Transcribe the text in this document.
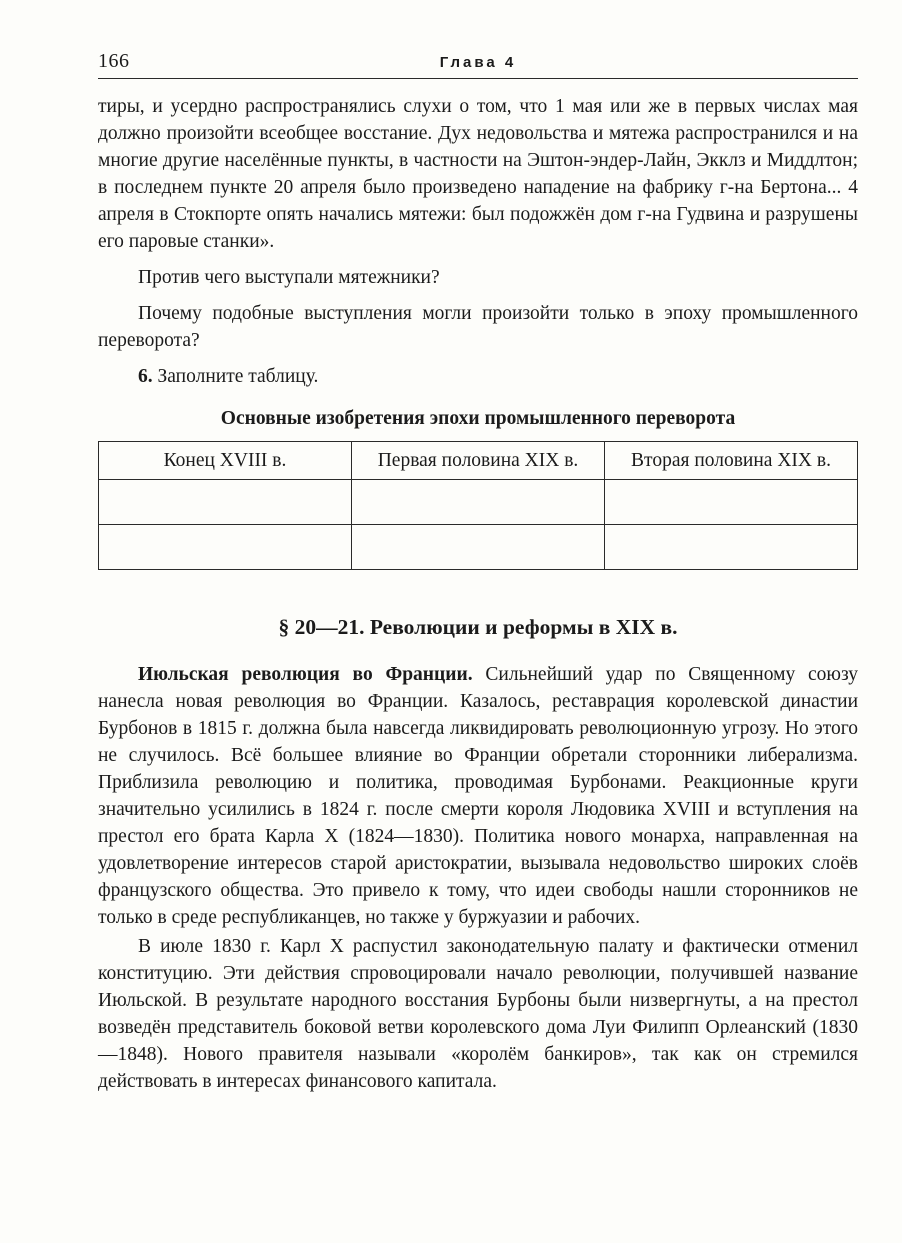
166	Глава 4

тиры, и усердно распространялись слухи о том, что 1 мая или же в первых числах мая должно произойти всеобщее восстание. Дух недовольства и мятежа распространился и на многие другие населённые пункты, в частности на Эштон-эндер-Лайн, Экклз и Миддлтон; в последнем пункте 20 апреля было произведено нападение на фабрику г-на Бертона... 4 апреля в Стокпорте опять начались мятежи: был подожжён дом г-на Гудвина и разрушены его паровые станки».

Против чего выступали мятежники?

Почему подобные выступления могли произойти только в эпоху промышленного переворота?

6. Заполните таблицу.

Основные изобретения эпохи промышленного переворота
Конец XVIII в.	Первая половина XIX в.	Вторая половина XIX в.

§ 20—21. Революции и реформы в XIX в.

Июльская революция во Франции. Сильнейший удар по Священному союзу нанесла новая революция во Франции. Казалось, реставрация королевской династии Бурбонов в 1815 г. должна была навсегда ликвидировать революционную угрозу. Но этого не случилось. Всё большее влияние во Франции обретали сторонники либерализма. Приблизила революцию и политика, проводимая Бурбонами. Реакционные круги значительно усилились в 1824 г. после смерти короля Людовика XVIII и вступления на престол его брата Карла X (1824—1830). Политика нового монарха, направленная на удовлетворение интересов старой аристократии, вызывала недовольство широких слоёв французского общества. Это привело к тому, что идеи свободы нашли сторонников не только в среде республиканцев, но также у буржуазии и рабочих.

В июле 1830 г. Карл X распустил законодательную палату и фактически отменил конституцию. Эти действия спровоцировали начало революции, получившей название Июльской. В результате народного восстания Бурбоны были низвергнуты, а на престол возведён представитель боковой ветви королевского дома Луи Филипп Орлеанский (1830—1848). Нового правителя называли «королём банкиров», так как он стремился действовать в интересах финансового капитала.
